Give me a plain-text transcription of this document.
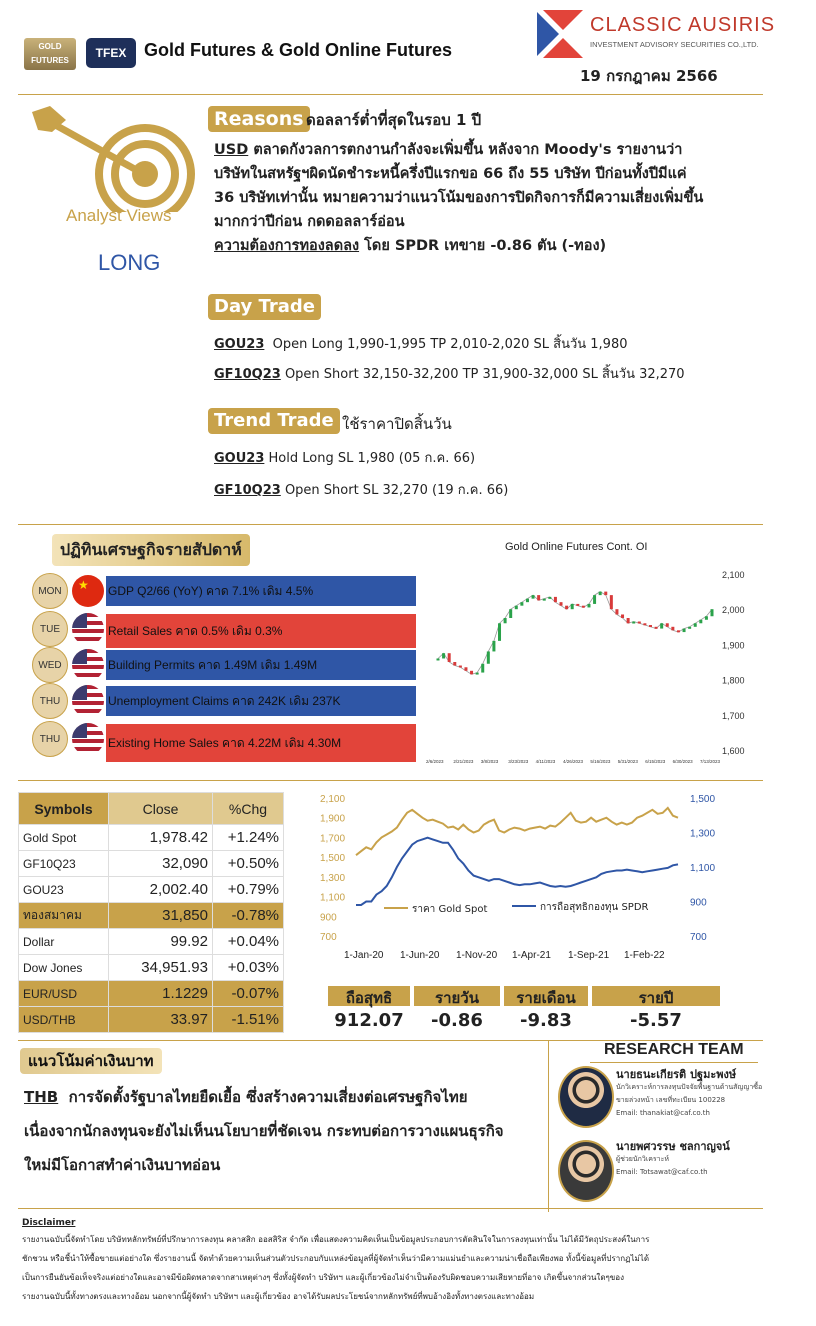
GOLD FUTURES
TFEX Gold Futures & Gold Online Futures
CLASSIC AUSIRIS
INVESTMENT ADVISORY SECURITIES CO.,LTD.
19 กรกฎาคม 2566
Analyst Views
LONG
Reasons ดอลลาร์ต่ำที่สุดในรอบ 1 ปี
USD ตลาดกังวลการตกงานกำลังจะเพิ่มขึ้น หลังจาก Moody's รายงานว่า
บริษัทในสหรัฐฯผิดนัดชำระหนี้ครึ่งปีแรกขอ 66 ถึง 55 บริษัท ปีก่อนทั้งปีมีแค่
36 บริษัทเท่านั้น หมายความว่าแนวโน้มของการปิดกิจการก็มีความเสี่ยงเพิ่มขึ้น
มากกว่าปีก่อน กดดอลลาร์อ่อน
ความต้องการทองลดลง โดย SPDR เทขาย -0.86 ตัน (-ทอง)
Day Trade
GOU23 Open Long 1,990-1,995 TP 2,010-2,020 SL สิ้นวัน 1,980
GF10Q23 Open Short 32,150-32,200 TP 31,900-32,000 SL สิ้นวัน 32,270
Trend Trade ใช้ราคาปิดสิ้นวัน
GOU23 Hold Long SL 1,980 (05 ก.ค. 66)
GF10Q23 Open Short SL 32,270 (19 ก.ค. 66)
ปฏิทินเศรษฐกิจรายสัปดาห์
MON	★ GDP Q2/66 (YoY) คาด 7.1% เดิม 4.5%
TUE	Retail Sales คาด 0.5% เดิม 0.3%
WED	Building Permits คาด 1.49M เดิม 1.49M
THU	Unemployment Claims คาด 242K เดิม 237K
THU	Existing Home Sales คาด 4.22M เดิม 4.30M
Gold Online Futures Cont. OI
2,100
2,000
1,900
1,800
1,700
1,600
2/6/2023 2/21/2023 3/8/2023 3/23/2023 4/11/2023 4/26/2023 5/16/2023 5/31/2023 6/15/2023 6/30/2023 7/13/2023
Symbols	Close	%Chg
Gold Spot	1,978.42	+1.24%
GF10Q23	32,090	+0.50%
GOU23	2,002.40	+0.79%
ทองสมาคม	31,850	-0.78%
Dollar	99.92	+0.04%
Dow Jones	34,951.93	+0.03%
EUR/USD	1.1229	-0.07%
USD/THB	33.97	-1.51%
2,100
1,900
1,700
1,500
1,300
1,100
900
700
1,500
1,300
1,100
900
700
ราคา Gold Spot	การถือสุทธิกองทุน SPDR
1-Jan-20 1-Jun-20 1-Nov-20 1-Apr-21 1-Sep-21 1-Feb-22
ถือสุทธิ
912.07
รายวัน
-0.86
รายเดือน
-9.83
รายปี
-5.57
แนวโน้มค่าเงินบาท
THB การจัดตั้งรัฐบาลไทยยืดเยื้อ ซึ่งสร้างความเสี่ยงต่อเศรษฐกิจไทย
เนื่องจากนักลงทุนจะยังไม่เห็นนโยบายที่ชัดเจน กระทบต่อการวางแผนธุรกิจ
ใหม่มีโอกาสทำค่าเงินบาทอ่อน
RESEARCH TEAM
นายธนะเกียรติ ปฐมะพงษ์
นักวิเคราะห์การลงทุนปัจจัยพื้นฐานด้านสัญญาซื้อ
ขายล่วงหน้า เลขที่ทะเบียน 100228
Email: thanakiat@caf.co.th
นายพศวรรษ ชลกาญจน์
ผู้ช่วยนักวิเคราะห์
Email: Totsawat@caf.co.th
Disclaimer
รายงานฉบับนี้จัดทำโดย บริษัทหลักทรัพย์ที่ปรึกษาการลงทุน คลาสสิก ออสสิริส จำกัด เพื่อแสดงความคิดเห็นเป็นข้อมูลประกอบการตัดสินใจในการลงทุนเท่านั้น ไม่ได้มีวัตถุประสงค์ในการ
ชักชวน หรือชี้นำให้ซื้อขายแต่อย่างใด ซึ่งรายงานนี้ จัดทำด้วยความเห็นส่วนตัวประกอบกับแหล่งข้อมูลที่ผู้จัดทำเห็นว่ามีความแม่นยำและความน่าเชื่อถือเพียงพอ ทั้งนี้ข้อมูลที่ปรากฏไม่ได้
เป็นการยืนยันข้อเท็จจริงแต่อย่างใดและอาจมีข้อผิดพลาดจากสาเหตุต่างๆ ซึ่งทั้งผู้จัดทำ บริษัทฯ และผู้เกี่ยวข้องไม่จำเป็นต้องรับผิดชอบความเสียหายที่อาจ เกิดขึ้นจากส่วนใดๆของ
รายงานฉบับนี้ทั้งทางตรงและทางอ้อม นอกจากนี้ผู้จัดทำ บริษัทฯ และผู้เกี่ยวข้อง อาจได้รับผลประโยชน์จากหลักทรัพย์ที่พบอ้างอิงทั้งทางตรงและทางอ้อม
